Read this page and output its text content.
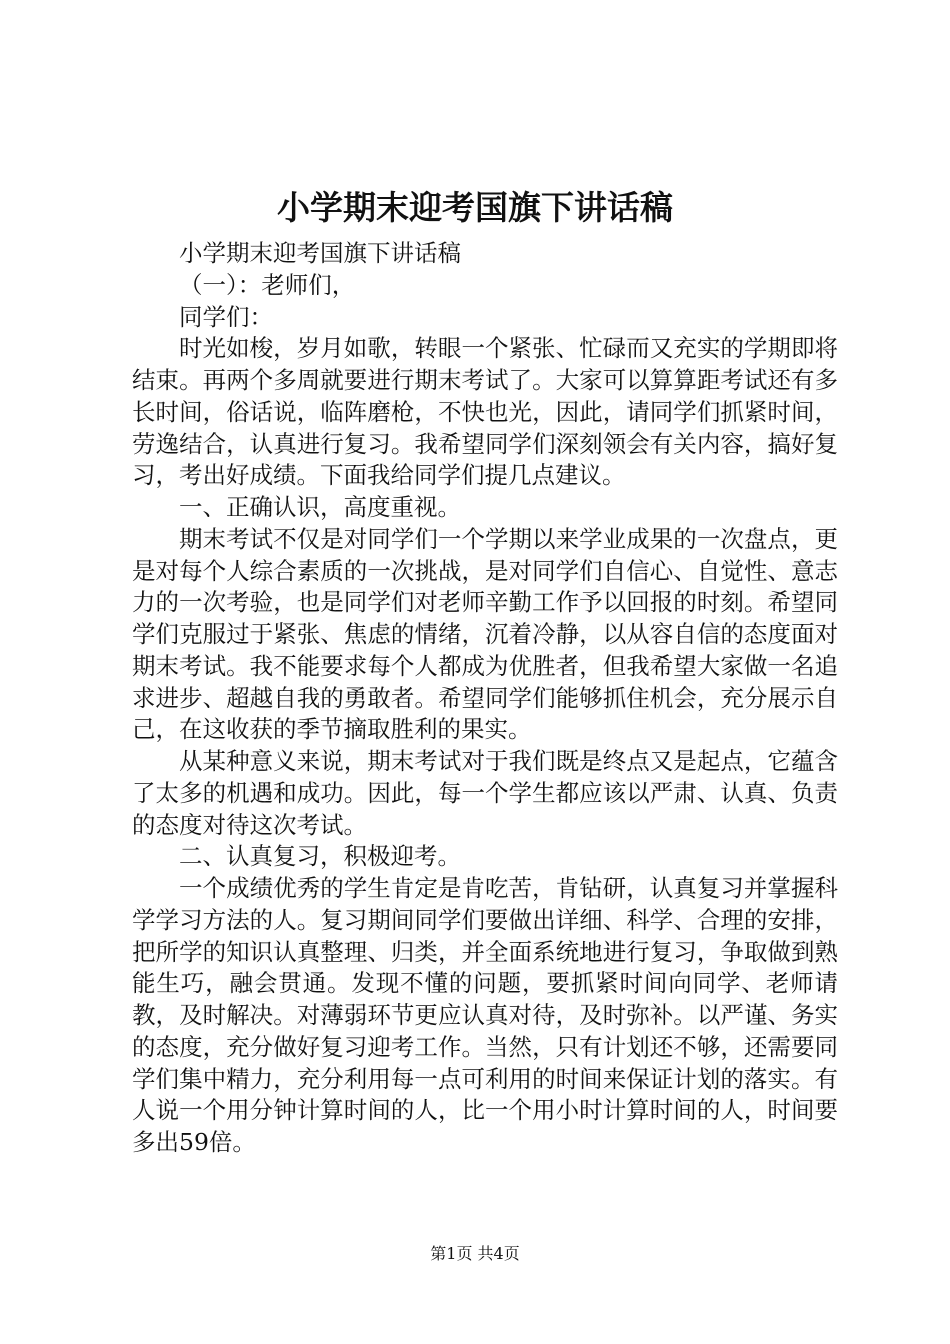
小学期末迎考国旗下讲话稿

小学期末迎考国旗下讲话稿

（一）：老师们，

同学们：

时光如梭，岁月如歌，转眼一个紧张、忙碌而又充实的学期即将结束。再两个多周就要进行期末考试了。大家可以算算距考试还有多长时间，俗话说，临阵磨枪，不快也光，因此，请同学们抓紧时间，劳逸结合，认真进行复习。我希望同学们深刻领会有关内容，搞好复习，考出好成绩。下面我给同学们提几点建议。

一、正确认识，高度重视。

期末考试不仅是对同学们一个学期以来学业成果的一次盘点，更是对每个人综合素质的一次挑战，是对同学们自信心、自觉性、意志力的一次考验，也是同学们对老师辛勤工作予以回报的时刻。希望同学们克服过于紧张、焦虑的情绪，沉着冷静，以从容自信的态度面对期末考试。我不能要求每个人都成为优胜者，但我希望大家做一名追求进步、超越自我的勇敢者。希望同学们能够抓住机会，充分展示自己，在这收获的季节摘取胜利的果实。

从某种意义来说，期末考试对于我们既是终点又是起点，它蕴含了太多的机遇和成功。因此，每一个学生都应该以严肃、认真、负责的态度对待这次考试。

二、认真复习，积极迎考。

一个成绩优秀的学生肯定是肯吃苦，肯钻研，认真复习并掌握科学学习方法的人。复习期间同学们要做出详细、科学、合理的安排，把所学的知识认真整理、归类，并全面系统地进行复习，争取做到熟能生巧，融会贯通。发现不懂的问题，要抓紧时间向同学、老师请教，及时解决。对薄弱环节更应认真对待，及时弥补。以严谨、务实的态度，充分做好复习迎考工作。当然，只有计划还不够，还需要同学们集中精力，充分利用每一点可利用的时间来保证计划的落实。有人说一个用分钟计算时间的人，比一个用小时计算时间的人，时间要多出59倍。

第1页 共4页
